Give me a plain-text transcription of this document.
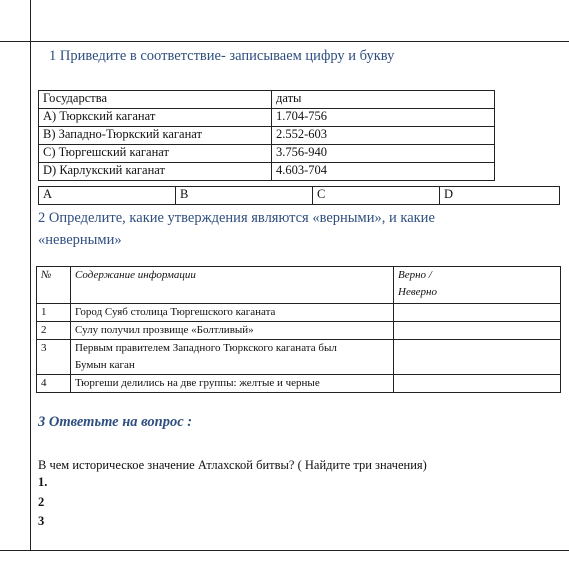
1 Приведите в соответствие- записываем цифру и букву
Государства	даты
A) Тюркский каганат	1.704-756
B) Западно-Тюркский каганат	2.552-603
C) Тюргешский каганат	3.756-940
D) Карлукский каганат	4.603-704
A	B	C	D
2 Определите, какие утверждения являются «верными», и какие
«неверными»
№	Содержание информации	Верно /
Неверно

1	Город Суяб столица Тюргешского каганата	
2	Сулу получил прозвище «Болтливый»	
3	Первым правителем Западного Тюркского каганата был
Бумын каган	

4	Тюргеши делились на две группы: желтые и черные	
3 Ответьте на вопрос :
В чем историческое значение Атлахской битвы? ( Найдите три значения)
1.
2
3
